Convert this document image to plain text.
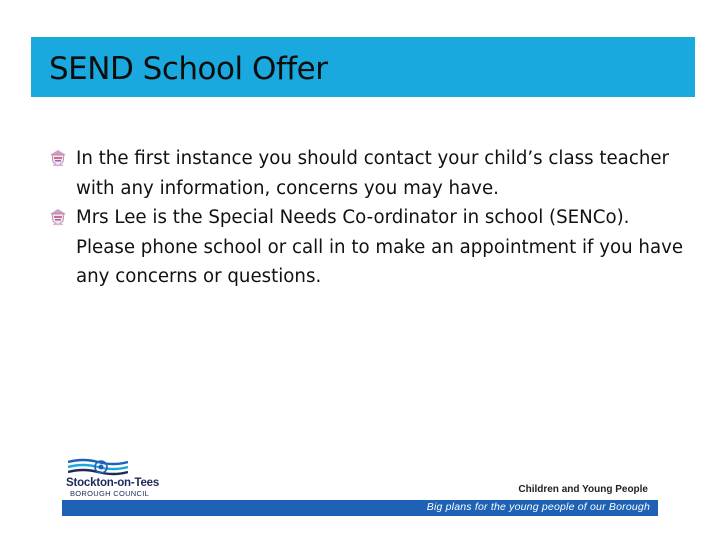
SEND School Offer
In the first instance you should contact your child’s class teacher with any information, concerns you may have.
Mrs Lee is the Special Needs Co-ordinator in school (SENCo). Please phone school or call in to make an appointment if you have any concerns or questions.
Stockton-on-Tees
BOROUGH COUNCIL	Children and Young People
Big plans for the young people of our Borough
